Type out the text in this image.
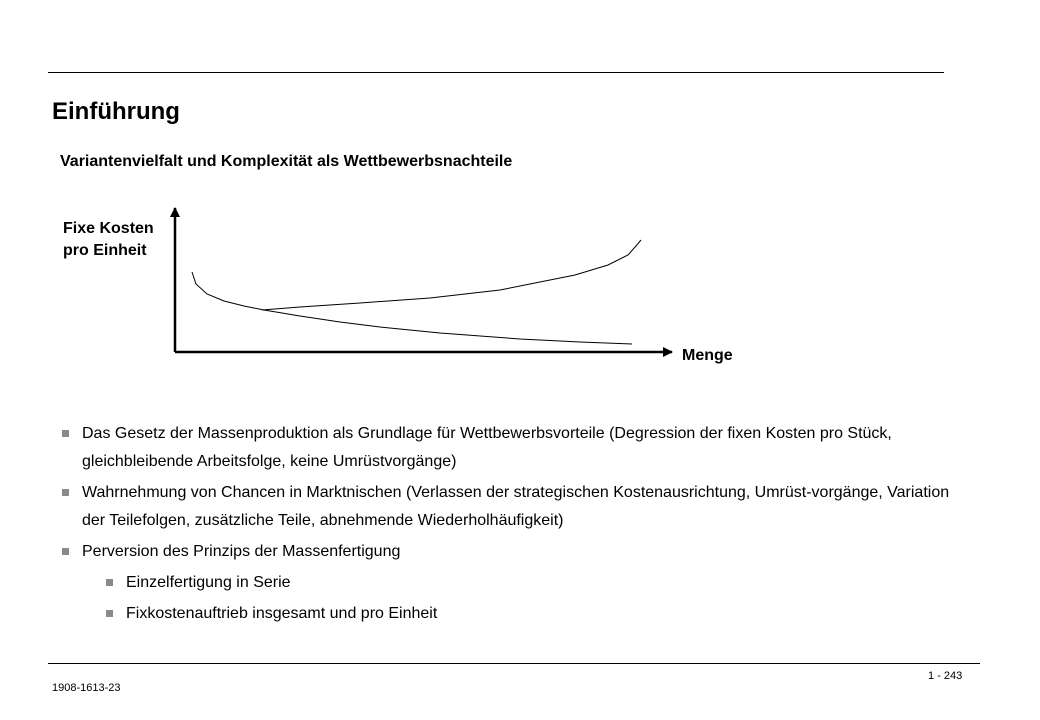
Einführung
Variantenvielfalt und Komplexität als Wettbewerbsnachteile
Fixe Kosten
pro Einheit
Menge
Das Gesetz der Massenproduktion als Grundlage für Wettbewerbsvorteile (Degression der fixen Kosten pro Stück, gleichbleibende Arbeitsfolge, keine Umrüstvorgänge)
Wahrnehmung von Chancen in Marktnischen (Verlassen der strategischen Kostenausrichtung, Umrüst-vorgänge, Variation der Teilefolgen, zusätzliche Teile, abnehmende Wiederholhäufigkeit)
Perversion des Prinzips der Massenfertigung
Einzelfertigung in Serie
Fixkostenauftrieb insgesamt und pro Einheit
1 - 243
1908-1613-23
